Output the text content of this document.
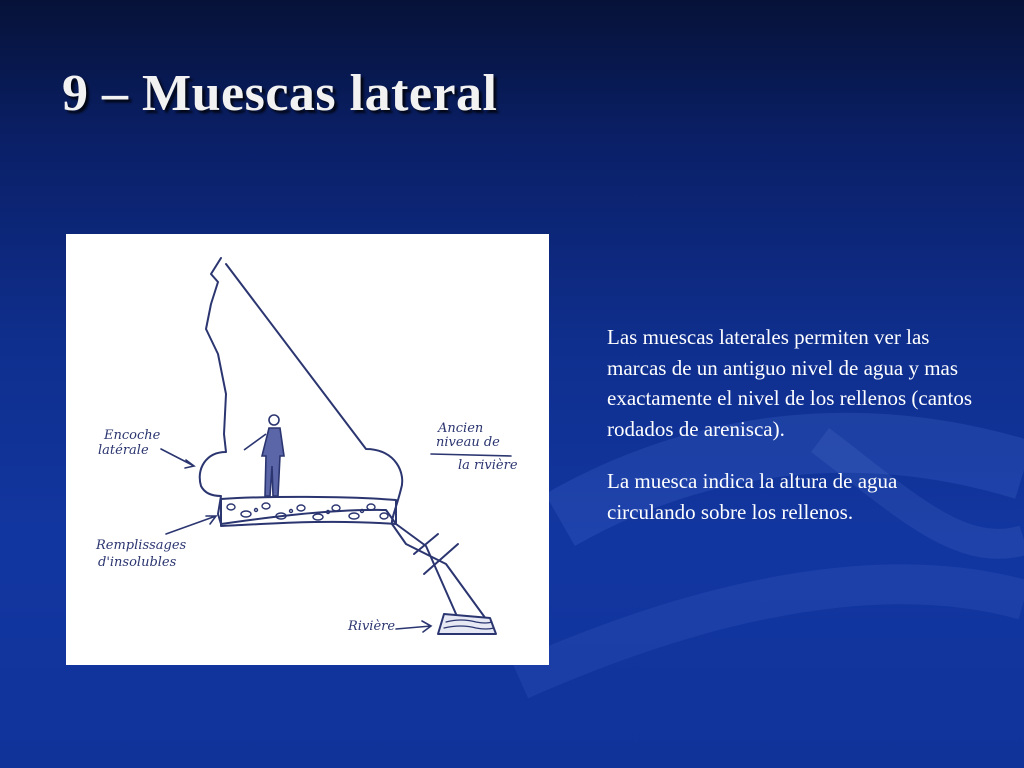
9 – Muescas lateral
Encoche
latérale
Ancien
niveau de
la rivière
Remplissages
d'insolubles
Rivière

Las muescas laterales permiten ver las marcas de un antiguo nivel de agua y mas exactamente el nivel de los rellenos (cantos rodados de arenisca).

La muesca indica la altura de agua circulando sobre los rellenos.
